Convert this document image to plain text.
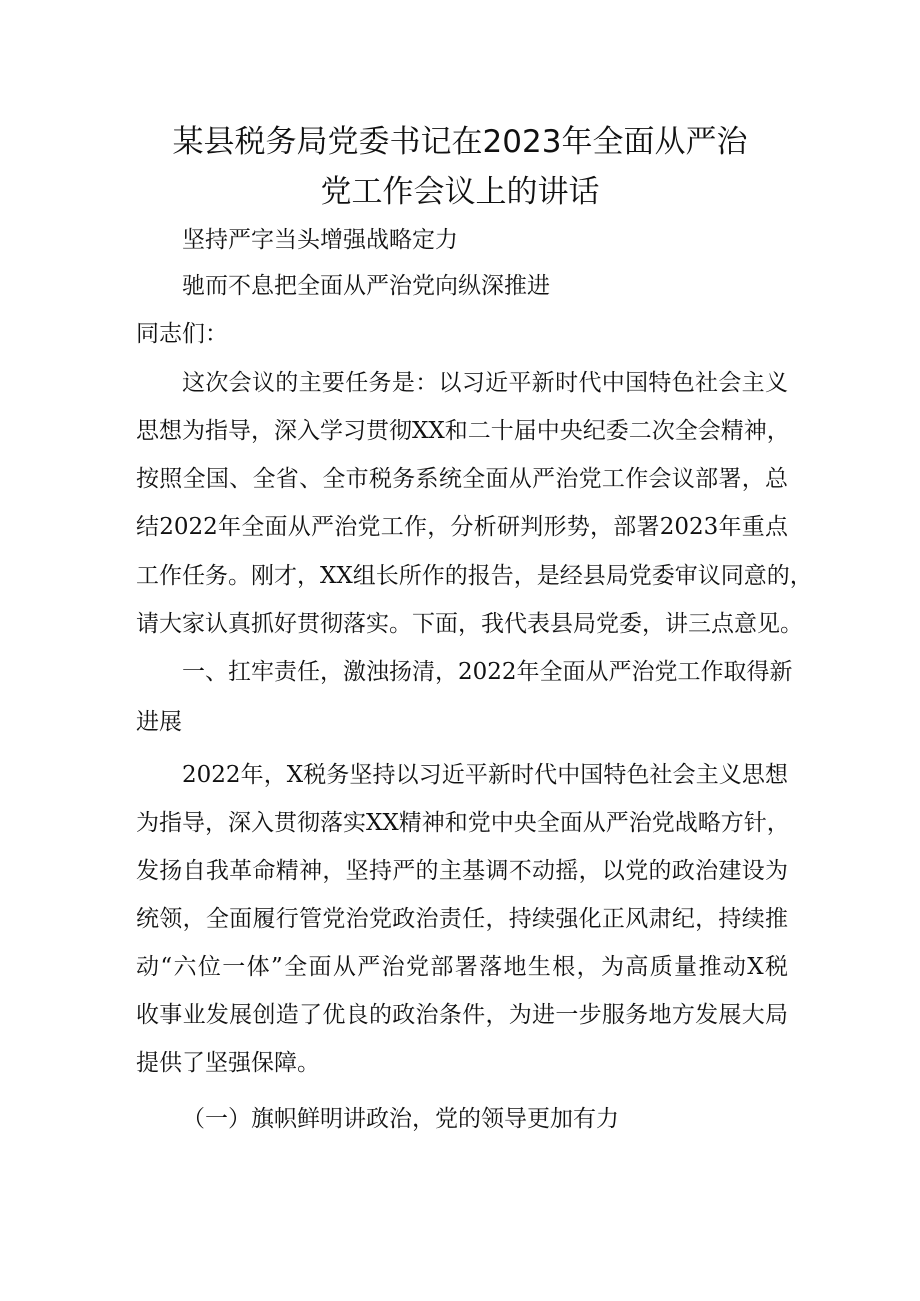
某县税务局党委书记在2023年全面从严治
党工作会议上的讲话
坚持严字当头增强战略定力
驰而不息把全面从严治党向纵深推进
同志们：
这次会议的主要任务是：以习近平新时代中国特色社会主义
思想为指导，深入学习贯彻XX和二十届中央纪委二次全会精神，
按照全国、全省、全市税务系统全面从严治党工作会议部署，总
结2022年全面从严治党工作，分析研判形势，部署2023年重点
工作任务。刚才，XX组长所作的报告，是经县局党委审议同意的，
请大家认真抓好贯彻落实。下面，我代表县局党委，讲三点意见。
一、扛牢责任，激浊扬清，2022年全面从严治党工作取得新
进展
2022年，X税务坚持以习近平新时代中国特色社会主义思想
为指导，深入贯彻落实XX精神和党中央全面从严治党战略方针，
发扬自我革命精神，坚持严的主基调不动摇，以党的政治建设为
统领，全面履行管党治党政治责任，持续强化正风肃纪，持续推
动“六位一体”全面从严治党部署落地生根，为高质量推动X税
收事业发展创造了优良的政治条件，为进一步服务地方发展大局
提供了坚强保障。
（一）旗帜鲜明讲政治，党的领导更加有力
